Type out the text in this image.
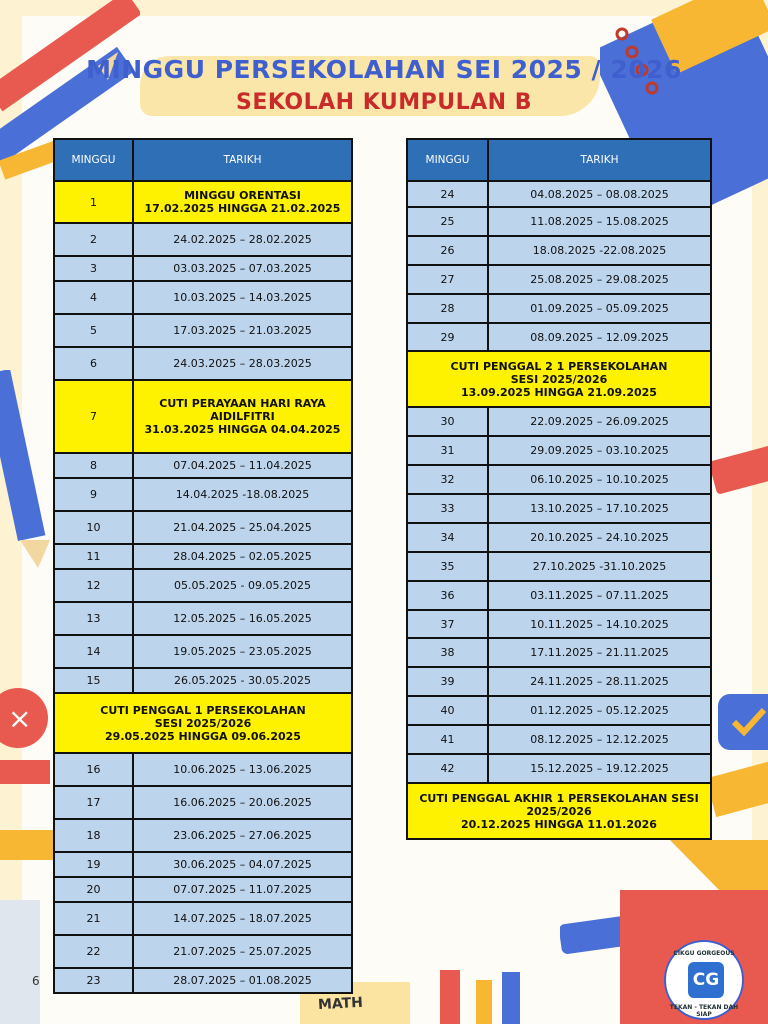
×
MATH
6
MINGGU PERSEKOLAHAN SEI 2025 / 2026
SEKOLAH KUMPULAN B
MINGGU	TARIKH
1	MINGGU ORENTASI
17.02.2025 HINGGA 21.02.2025

2	24.02.2025 – 28.02.2025

3	03.03.2025 – 07.03.2025

4	10.03.2025 – 14.03.2025

5	17.03.2025 – 21.03.2025

6	24.03.2025 – 28.03.2025

7	CUTI PERAYAAN HARI RAYA
AIDILFITRI
31.03.2025 HINGGA 04.04.2025

8	07.04.2025 – 11.04.2025

9	14.04.2025 -18.08.2025

10	21.04.2025 – 25.04.2025

11	28.04.2025 – 02.05.2025

12	05.05.2025 - 09.05.2025

13	12.05.2025 – 16.05.2025

14	19.05.2025 – 23.05.2025

15	26.05.2025 - 30.05.2025

CUTI PENGGAL 1 PERSEKOLAHAN
SESI 2025/2026
29.05.2025 HINGGA 09.06.2025	

16	10.06.2025 – 13.06.2025

17	16.06.2025 – 20.06.2025

18	23.06.2025 – 27.06.2025

19	30.06.2025 – 04.07.2025

20	07.07.2025 – 11.07.2025

21	14.07.2025 – 18.07.2025

22	21.07.2025 – 25.07.2025

23	28.07.2025 – 01.08.2025
MINGGU	TARIKH
24	04.08.2025 – 08.08.2025

25	11.08.2025 – 15.08.2025

26	18.08.2025 -22.08.2025

27	25.08.2025 – 29.08.2025

28	01.09.2025 – 05.09.2025

29	08.09.2025 – 12.09.2025

CUTI PENGGAL 2 1 PERSEKOLAHAN
SESI 2025/2026
13.09.2025 HINGGA 21.09.2025	

30	22.09.2025 – 26.09.2025

31	29.09.2025 – 03.10.2025

32	06.10.2025 – 10.10.2025

33	13.10.2025 – 17.10.2025

34	20.10.2025 – 24.10.2025

35	27.10.2025 -31.10.2025

36	03.11.2025 – 07.11.2025

37	10.11.2025 – 14.10.2025

38	17.11.2025 – 21.11.2025

39	24.11.2025 – 28.11.2025

40	01.12.2025 – 05.12.2025

41	08.12.2025 – 12.12.2025

42	15.12.2025 – 19.12.2025

CUTI PENGGAL AKHIR 1 PERSEKOLAHAN SESI
2025/2026
20.12.2025 HINGGA 11.01.2026	
CIKGU GORGEOUS
CG
TEKAN - TEKAN DAH SIAP
